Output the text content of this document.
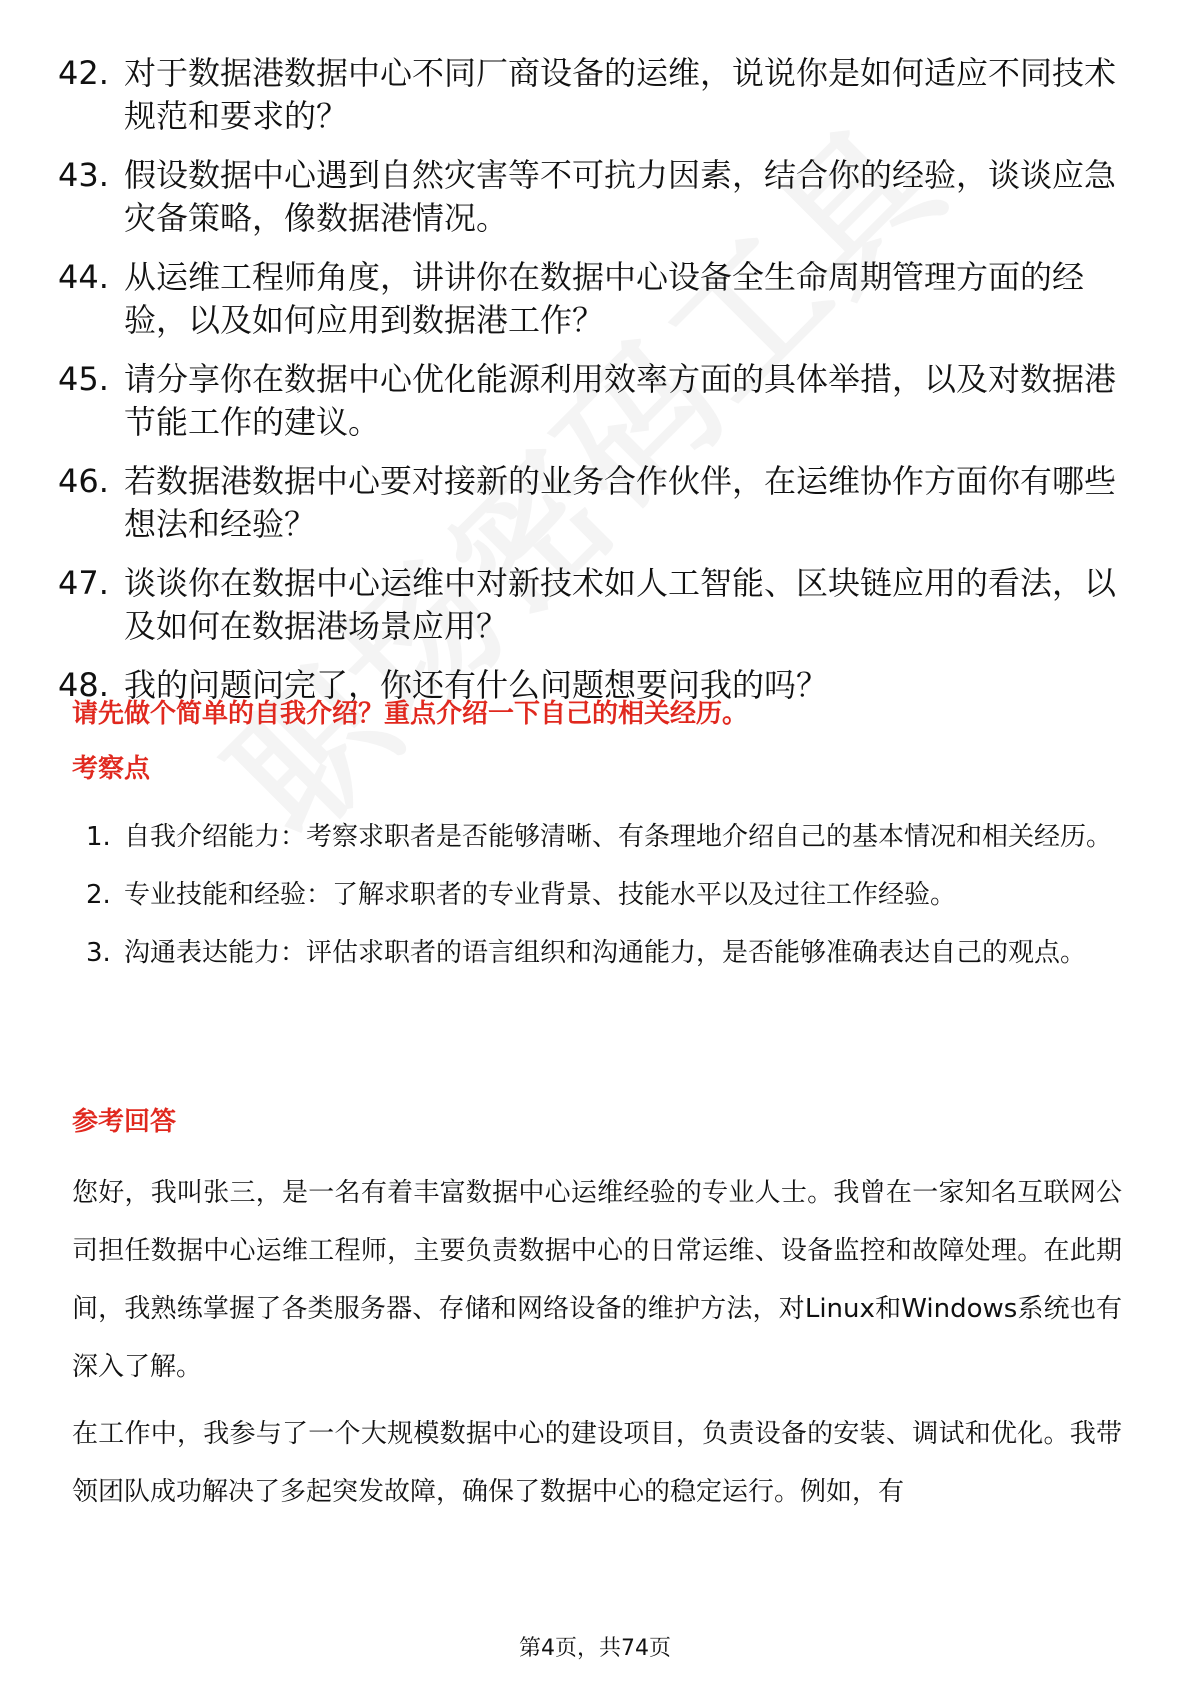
42. 对于数据港数据中心不同厂商设备的运维，说说你是如何适应不同技术规范和要求的？
43. 假设数据中心遇到自然灾害等不可抗力因素，结合你的经验，谈谈应急灾备策略，像数据港情况。
44. 从运维工程师角度，讲讲你在数据中心设备全生命周期管理方面的经验，以及如何应用到数据港工作？
45. 请分享你在数据中心优化能源利用效率方面的具体举措，以及对数据港节能工作的建议。
46. 若数据港数据中心要对接新的业务合作伙伴，在运维协作方面你有哪些想法和经验？
47. 谈谈你在数据中心运维中对新技术如人工智能、区块链应用的看法，以及如何在数据港场景应用？
48. 我的问题问完了，你还有什么问题想要问我的吗？
请先做个简单的自我介绍？重点介绍一下自己的相关经历。
考察点
1. 自我介绍能力：考察求职者是否能够清晰、有条理地介绍自己的基本情况和相关经历。
2. 专业技能和经验：了解求职者的专业背景、技能水平以及过往工作经验。
3. 沟通表达能力：评估求职者的语言组织和沟通能力，是否能够准确表达自己的观点。
参考回答
您好，我叫张三，是一名有着丰富数据中心运维经验的专业人士。我曾在一家知名互联网公司担任数据中心运维工程师，主要负责数据中心的日常运维、设备监控和故障处理。在此期间，我熟练掌握了各类服务器、存储和网络设备的维护方法，对Linux和Windows系统也有深入了解。
在工作中，我参与了一个大规模数据中心的建设项目，负责设备的安装、调试和优化。我带领团队成功解决了多起突发故障，确保了数据中心的稳定运行。例如，有
第4页，共74页
